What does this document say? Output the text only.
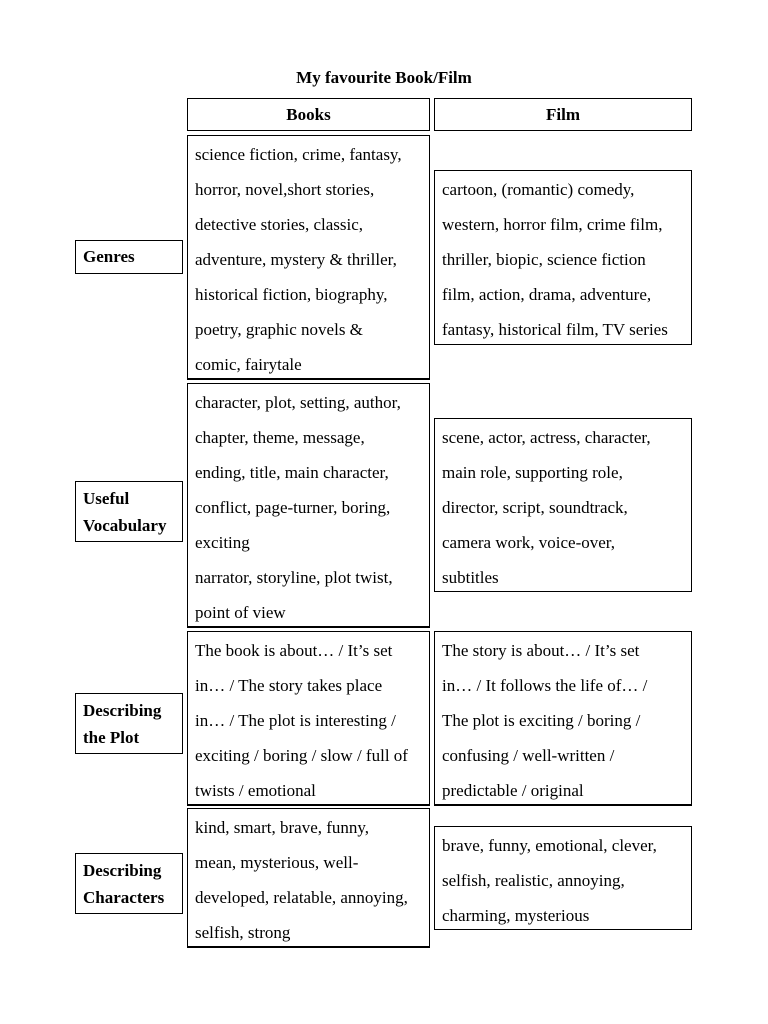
My favourite Book/Film
Books	Film
Genres
science fiction, crime, fantasy,
horror, novel,short stories,
detective stories, classic,
adventure, mystery & thriller,
historical fiction, biography,
poetry, graphic novels &
comic, fairytale
cartoon, (romantic) comedy,
western, horror film, crime film,
thriller, biopic, science fiction
film, action, drama, adventure,
fantasy, historical film, TV series
Useful
Vocabulary
character, plot, setting, author,
chapter, theme, message,
ending, title, main character,
conflict, page-turner, boring,
exciting
narrator, storyline, plot twist,
point of view
scene, actor, actress, character,
main role, supporting role,
director, script, soundtrack,
camera work, voice-over,
subtitles
Describing
the Plot
The book is about… / It’s set
in… / The story takes place
in… / The plot is interesting /
exciting / boring / slow / full of
twists / emotional
The story is about… / It’s set
in… / It follows the life of… /
The plot is exciting / boring /
confusing / well-written /
predictable / original
Describing
Characters
kind, smart, brave, funny,
mean, mysterious, well-
developed, relatable, annoying,
selfish, strong
brave, funny, emotional, clever,
selfish, realistic, annoying,
charming, mysterious
